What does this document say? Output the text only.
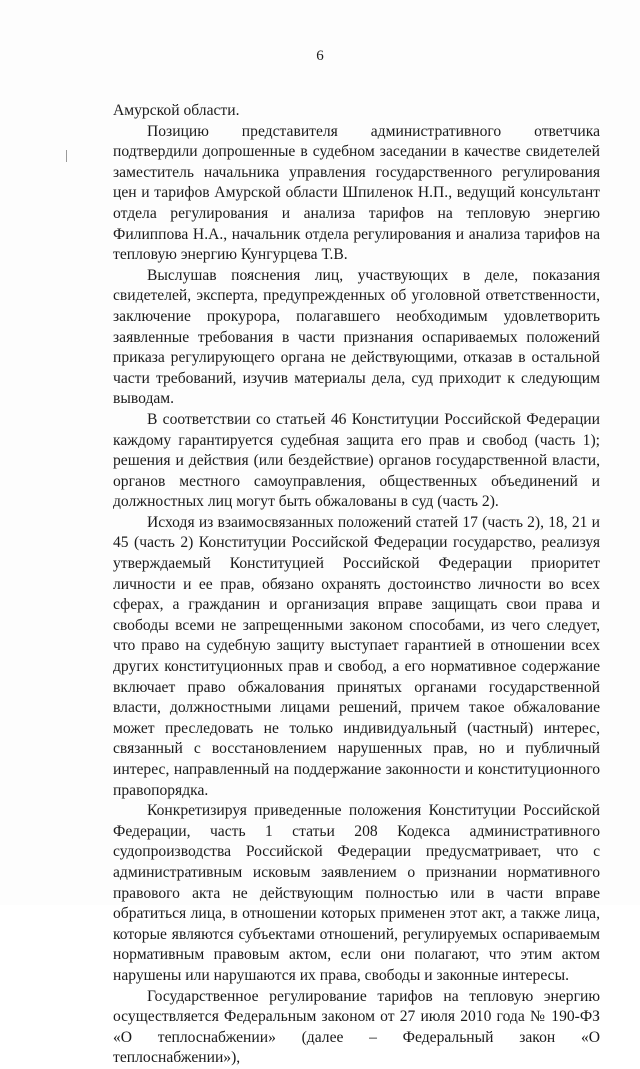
6

Амурской области.

Позицию представителя административного ответчика подтвердили допрошенные в судебном заседании в качестве свидетелей заместитель начальника управления государственного регулирования цен и тарифов Амурской области Шпиленок Н.П., ведущий консультант отдела регулирования и анализа тарифов на тепловую энергию Филиппова Н.А., начальник отдела регулирования и анализа тарифов на тепловую энергию Кунгурцева Т.В.

Выслушав пояснения лиц, участвующих в деле, показания свидетелей, эксперта, предупрежденных об уголовной ответственности, заключение прокурора, полагавшего необходимым удовлетворить заявленные требования в части признания оспариваемых положений приказа регулирующего органа не действующими, отказав в остальной части требований, изучив материалы дела, суд приходит к следующим выводам.

В соответствии со статьей 46 Конституции Российской Федерации каждому гарантируется судебная защита его прав и свобод (часть 1); решения и действия (или бездействие) органов государственной власти, органов местного самоуправления, общественных объединений и должностных лиц могут быть обжалованы в суд (часть 2).

Исходя из взаимосвязанных положений статей 17 (часть 2), 18, 21 и 45 (часть 2) Конституции Российской Федерации государство, реализуя утверждаемый Конституцией Российской Федерации приоритет личности и ее прав, обязано охранять достоинство личности во всех сферах, а гражданин и организация вправе защищать свои права и свободы всеми не запрещенными законом способами, из чего следует, что право на судебную защиту выступает гарантией в отношении всех других конституционных прав и свобод, а его нормативное содержание включает право обжалования принятых органами государственной власти, должностными лицами решений, причем такое обжалование может преследовать не только индивидуальный (частный) интерес, связанный с восстановлением нарушенных прав, но и публичный интерес, направленный на поддержание законности и конституционного правопорядка.

Конкретизируя приведенные положения Конституции Российской Федерации, часть 1 статьи 208 Кодекса административного судопроизводства Российской Федерации предусматривает, что с административным исковым заявлением о признании нормативного правового акта не действующим полностью или в части вправе обратиться лица, в отношении которых применен этот акт, а также лица, которые являются субъектами отношений, регулируемых оспариваемым нормативным правовым актом, если они полагают, что этим актом нарушены или нарушаются их права, свободы и законные интересы.

Государственное регулирование тарифов на тепловую энергию осуществляется Федеральным законом от 27 июля 2010 года № 190-ФЗ «О теплоснабжении» (далее – Федеральный закон «О теплоснабжении»),
